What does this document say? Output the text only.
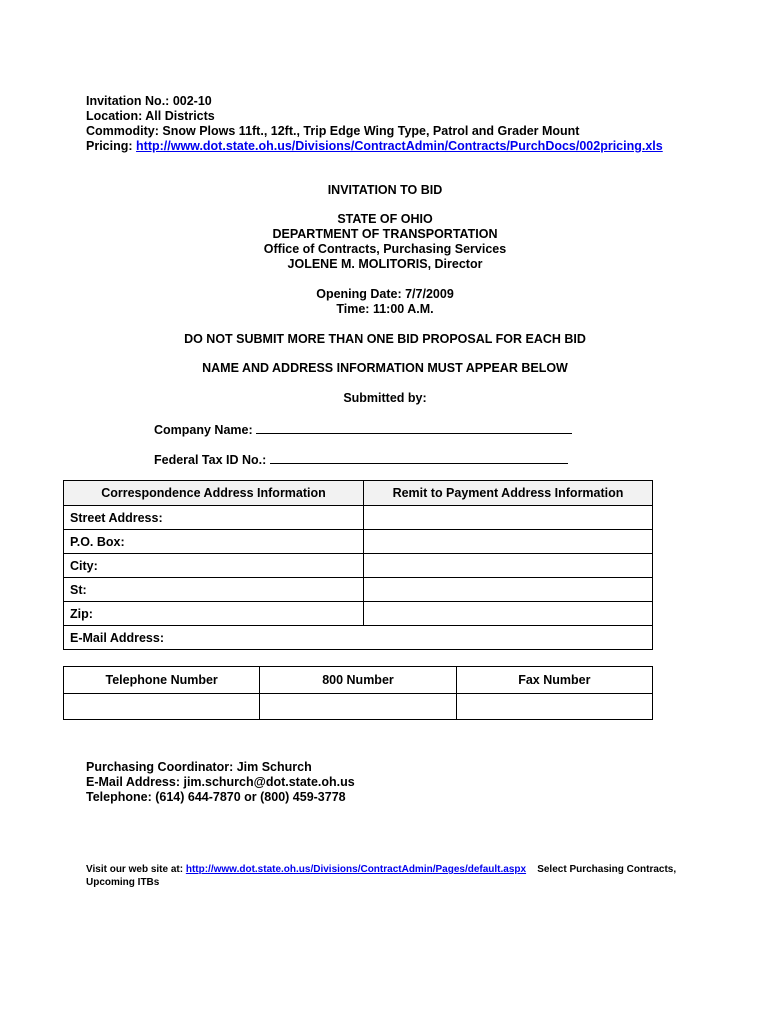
Invitation No.: 002-10
Location: All Districts
Commodity: Snow Plows 11ft., 12ft., Trip Edge Wing Type, Patrol and Grader Mount
Pricing: http://www.dot.state.oh.us/Divisions/ContractAdmin/Contracts/PurchDocs/002pricing.xls
INVITATION TO BID
STATE OF OHIO
DEPARTMENT OF TRANSPORTATION
Office of Contracts, Purchasing Services
JOLENE M. MOLITORIS, Director
Opening Date: 7/7/2009
Time: 11:00 A.M.
DO NOT SUBMIT MORE THAN ONE BID PROPOSAL FOR EACH BID
NAME AND ADDRESS INFORMATION MUST APPEAR BELOW
Submitted by:
Company Name:
Federal Tax ID No.:
Correspondence Address Information	Remit to Payment Address Information
Street Address:	
P.O. Box:	
City:	
St:	
Zip:	
E-Mail Address:	
Telephone Number	800 Number	Fax Number

Purchasing Coordinator: Jim Schurch
E-Mail Address: jim.schurch@dot.state.oh.us
Telephone: (614) 644-7870 or (800) 459-3778
Visit our web site at: http://www.dot.state.oh.us/Divisions/ContractAdmin/Pages/default.aspx Select Purchasing Contracts, Upcoming ITBs
